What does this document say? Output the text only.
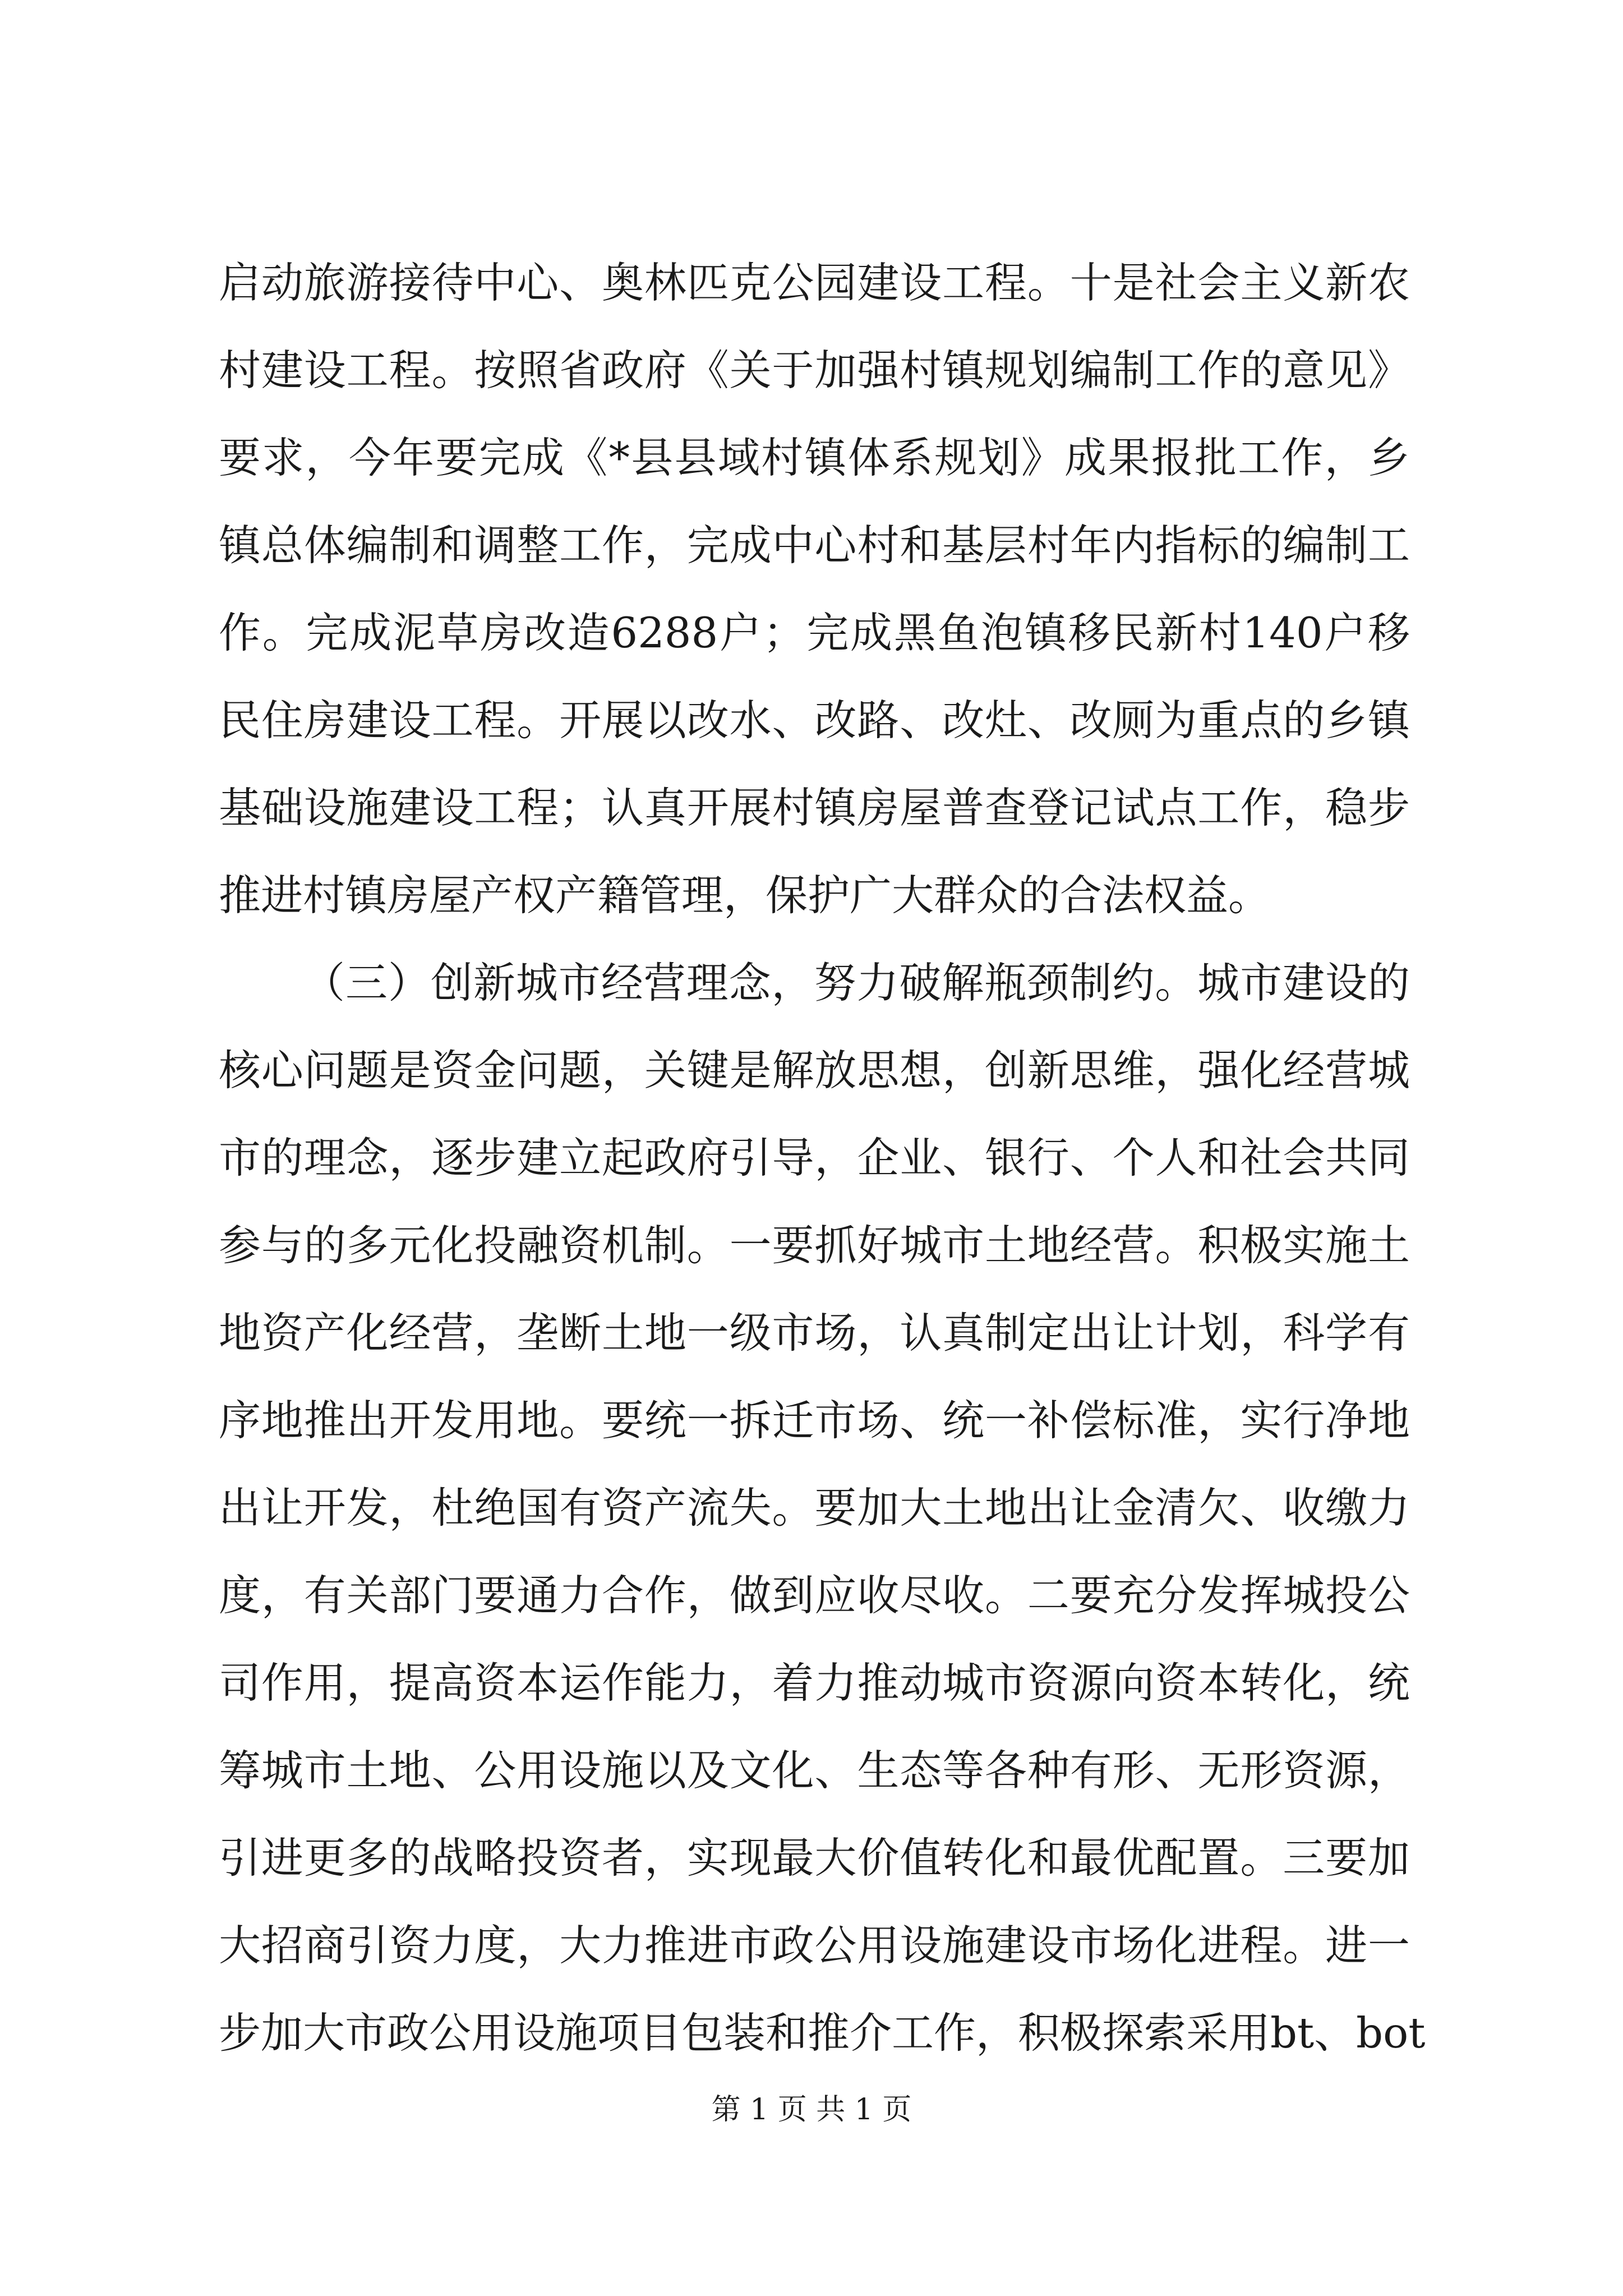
启动旅游接待中心、奥林匹克公园建设工程。十是社会主义新农
村建设工程。按照省政府《关于加强村镇规划编制工作的意见》
要求，今年要完成《*县县域村镇体系规划》成果报批工作，乡
镇总体编制和调整工作，完成中心村和基层村年内指标的编制工
作。完成泥草房改造6288户；完成黑鱼泡镇移民新村140户移
民住房建设工程。开展以改水、改路、改灶、改厕为重点的乡镇
基础设施建设工程；认真开展村镇房屋普查登记试点工作，稳步
推进村镇房屋产权产籍管理，保护广大群众的合法权益。
（三）创新城市经营理念，努力破解瓶颈制约。城市建设的
核心问题是资金问题，关键是解放思想，创新思维，强化经营城
市的理念，逐步建立起政府引导，企业、银行、个人和社会共同
参与的多元化投融资机制。一要抓好城市土地经营。积极实施土
地资产化经营，垄断土地一级市场，认真制定出让计划，科学有
序地推出开发用地。要统一拆迁市场、统一补偿标准，实行净地
出让开发，杜绝国有资产流失。要加大土地出让金清欠、收缴力
度，有关部门要通力合作，做到应收尽收。二要充分发挥城投公
司作用，提高资本运作能力，着力推动城市资源向资本转化，统
筹城市土地、公用设施以及文化、生态等各种有形、无形资源，
引进更多的战略投资者，实现最大价值转化和最优配置。三要加
大招商引资力度，大力推进市政公用设施建设市场化进程。进一
步加大市政公用设施项目包装和推介工作，积极探索采用bt、bot
第 1 页 共 1 页
